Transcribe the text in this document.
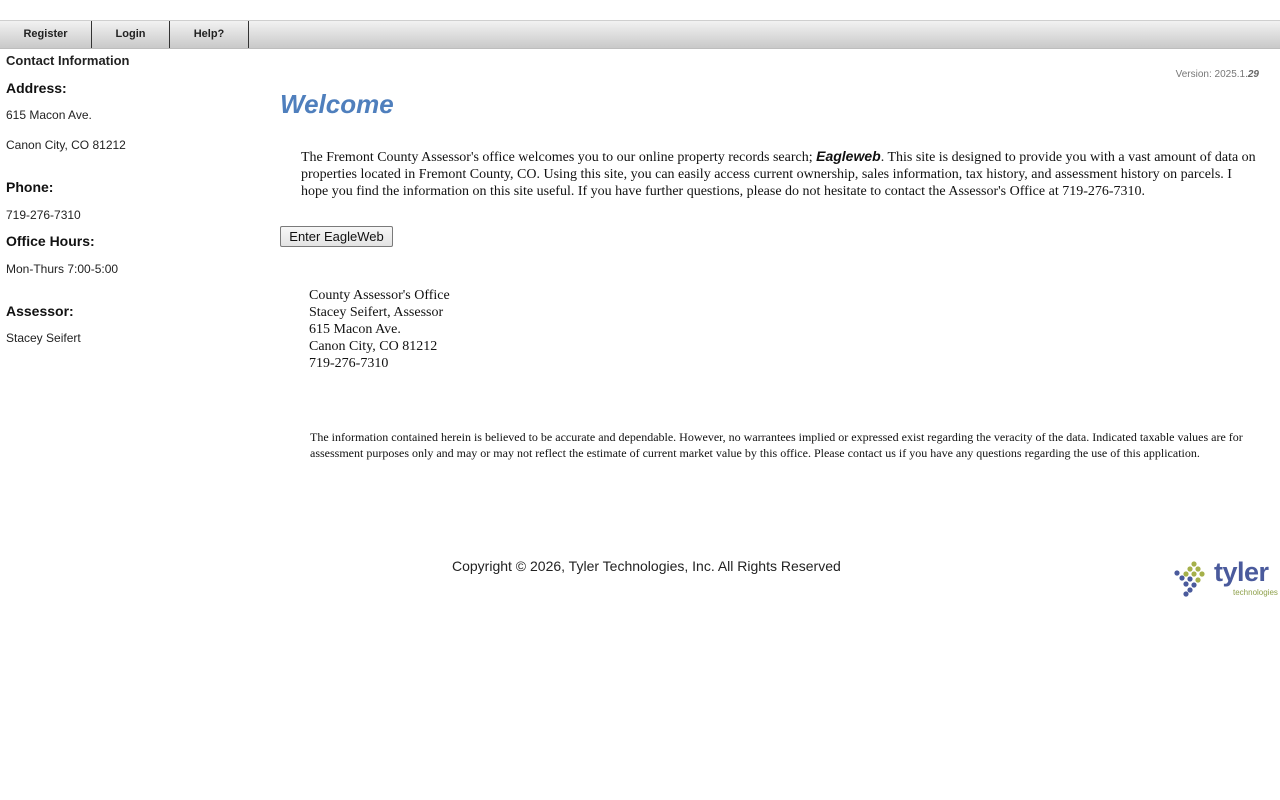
Register	Login	Help?
Contact Information
Address:
615 Macon Ave.
Canon City, CO 81212
Phone:
719-276-7310
Office Hours:
Mon-Thurs 7:00-5:00
Assessor:
Stacey Seifert
Version: 2025.1.29
Welcome
The Fremont County Assessor's office welcomes you to our online property records search; Eagleweb. This site is designed to provide you with a vast amount of data on properties located in Fremont County, CO. Using this site, you can easily access current ownership, sales information, tax history, and assessment history on parcels. I hope you find the information on this site useful. If you have further questions, please do not hesitate to contact the Assessor's Office at 719-276-7310.
Enter EagleWeb
County Assessor's Office
Stacey Seifert, Assessor
615 Macon Ave.
Canon City, CO 81212
719-276-7310
The information contained herein is believed to be accurate and dependable. However, no warrantees implied or expressed exist regarding the veracity of the data. Indicated taxable values are for assessment purposes only and may or may not reflect the estimate of current market value by this office. Please contact us if you have any questions regarding the use of this application.
Copyright © 2026, Tyler Technologies, Inc. All Rights Reserved	tyler
technologies
